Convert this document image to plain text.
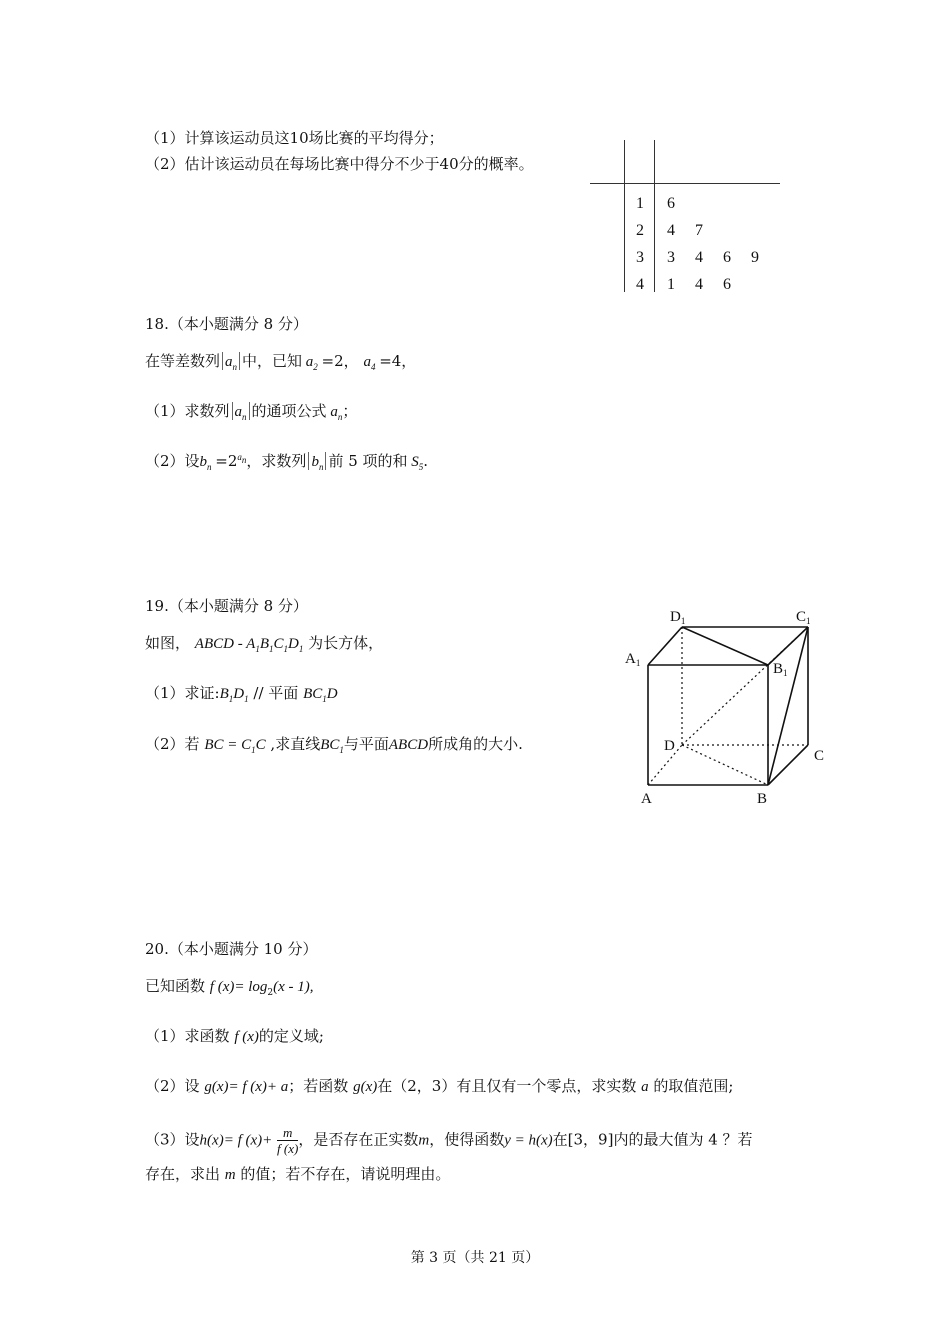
（1）计算该运动员这10场比赛的平均得分；
（2）估计该运动员在每场比赛中得分不少于40分的概率。
1 6
2 4 7
3 3 4 6 9
4 1 4 6
18.（本小题满分 8 分）
在等差数列 $a_n$ 中，已知 $a_2 =2$， $a_4 =4$，
（1）求数列 $a_n$ 的通项公式 $a_n$；
（2）设$b_n =2^{a_n}$，求数列 $b_n$ 前 5 项的和 $S_5$.
19.（本小题满分 8 分）
如图， ABCD - $A_1B_1C_1D_1$ 为长方体，
（1）求证$:B_1D_1$ // 平面 $BC_1D$
（2）若 BC = $C_1C$ ,求直线$BC_1$与平面ABCD所成角的大小.
$D_1$	$C_1$
$A_1$	$B_1$
D
C
A	B
20.（本小题满分 10 分）
已知函数 f $(x)= \log_2(x - 1)$,
（1）求函数 f (x)的定义域;
（2）设 g(x)= f (x)+ a；若函数 g(x)在（2，3）有且仅有一个零点，求实数 a 的取值范围;
（3）设h(x)= f $(x)+ \frac{m}{f (x)}$ ，是否存在正实数m，使得函数y = h(x)在[3，9]内的最大值为 4 ？若
存在，求出 m 的值；若不存在，请说明理由。
第 3 页（共 21 页）
